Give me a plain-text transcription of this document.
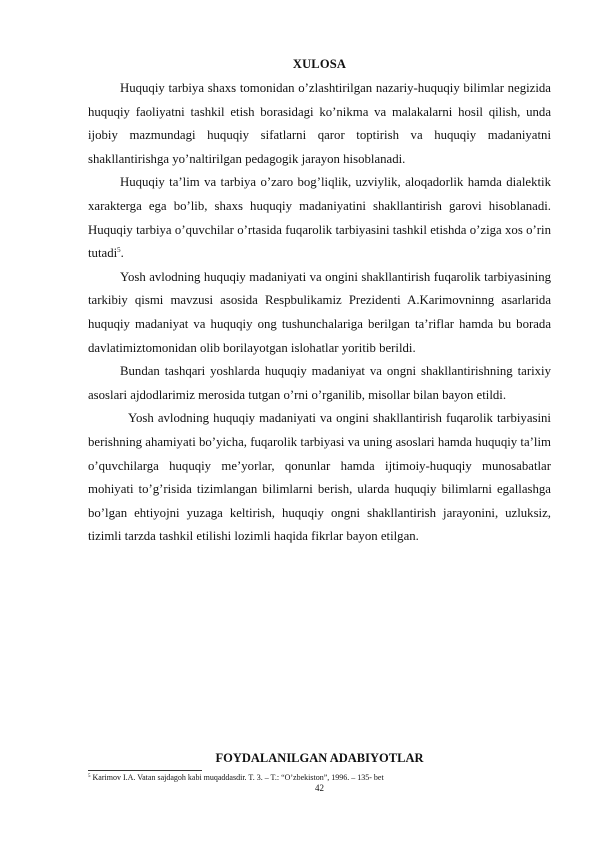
XULOSA

Huquqiy tarbiya shaxs tomonidan o’zlashtirilgan nazariy-huquqiy bilimlar negizida huquqiy faoliyatni tashkil etish borasidagi ko’nikma va malakalarni hosil qilish, unda ijobiy mazmundagi huquqiy sifatlarni qaror toptirish va huquqiy madaniyatni shakllantirishga yo’naltirilgan pedagogik jarayon hisoblanadi.

Huquqiy ta’lim va tarbiya o’zaro bog’liqlik, uzviylik, aloqadorlik hamda dialektik xarakterga ega bo’lib, shaxs huquqiy madaniyatini shakllantirish garovi hisoblanadi. Huquqiy tarbiya o’quvchilar o’rtasida fuqarolik tarbiyasini tashkil etishda o’ziga xos o’rin tutadi$^5$.

Yosh avlodning huquqiy madaniyati va ongini shakllantirish fuqarolik tarbiyasining tarkibiy qismi mavzusi asosida Respbulikamiz Prezidenti A.Karimovninng asarlarida huquqiy madaniyat va huquqiy ong tushunchalariga berilgan ta’riflar hamda bu borada davlatimiztomonidan olib borilayotgan islohatlar yoritib berildi.

Bundan tashqari yoshlarda huquqiy madaniyat va ongni shakllantirishning tarixiy asoslari ajdodlarimiz merosida tutgan o’rni o’rganilib, misollar bilan bayon etildi.

Yosh avlodning huquqiy madaniyati va ongini shakllantirish fuqarolik tarbiyasini berishning ahamiyati bo’yicha, fuqarolik tarbiyasi va uning asoslari hamda huquqiy ta’lim o’quvchilarga huquqiy me’yorlar, qonunlar hamda ijtimoiy-huquqiy munosabatlar mohiyati to’g’risida tizimlangan bilimlarni berish, ularda huquqiy bilimlarni egallashga bo’lgan ehtiyojni yuzaga keltirish, huquqiy ongni shakllantirish jarayonini, uzluksiz, tizimli tarzda tashkil etilishi lozimli haqida fikrlar bayon etilgan.

FOYDALANILGAN ADABIYOTLAR
$^5$ Karimov I.A. Vatan sajdagoh kabi muqaddasdir. T. 3. – T.: “O’zbekiston”, 1996. – 135- bet
42
